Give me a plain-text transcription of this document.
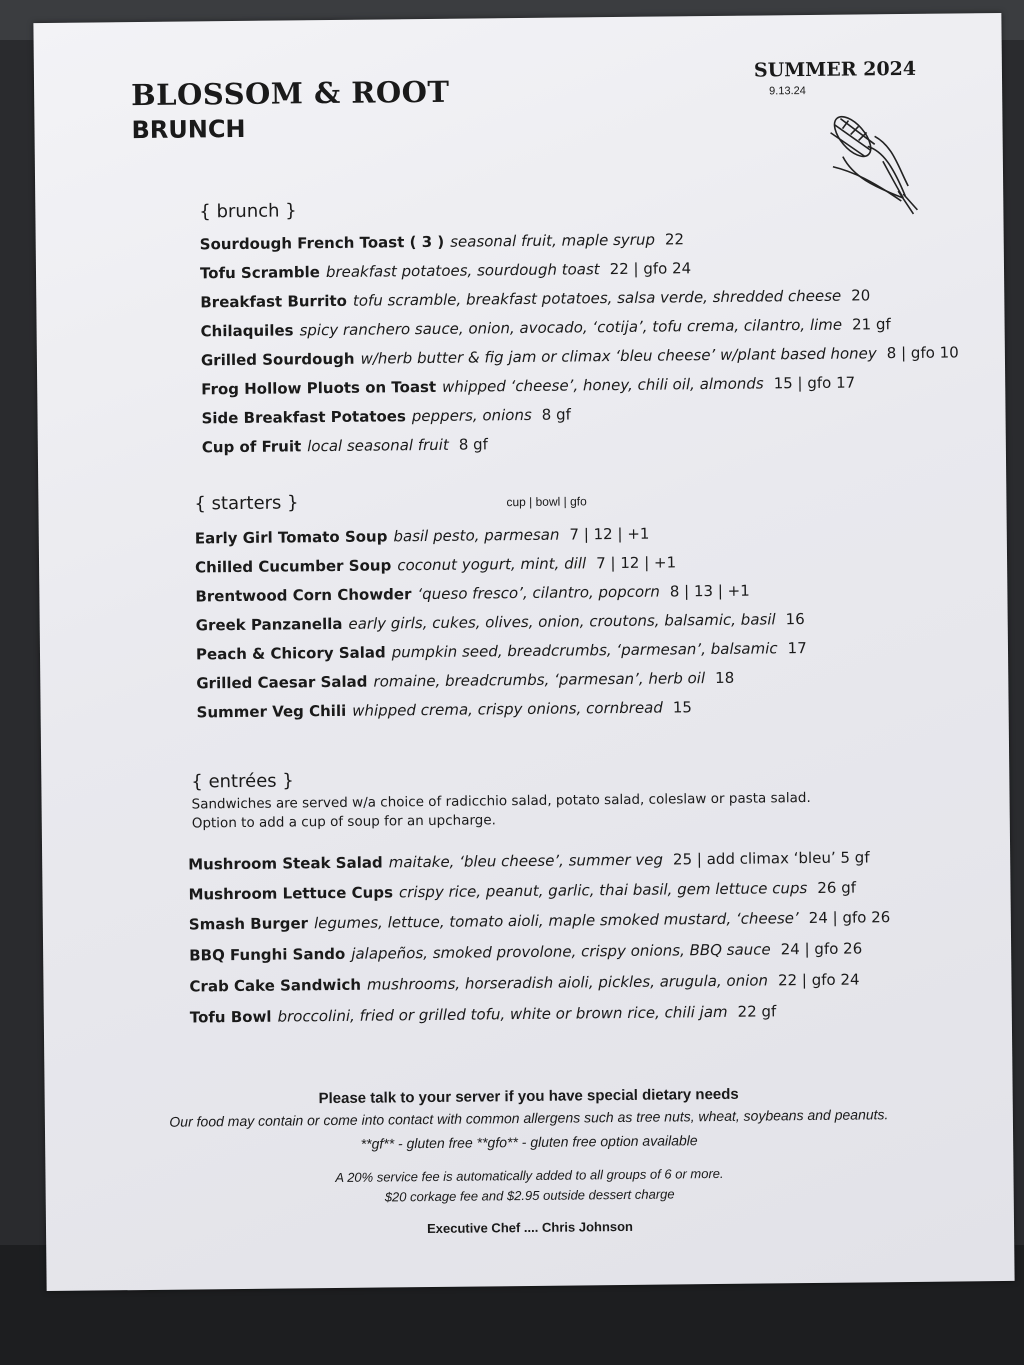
BLOSSOM & ROOT
BRUNCH
SUMMER 2024
9.13.24
{ brunch }
Sourdough French Toast ( 3 ) seasonal fruit, maple syrup 22
Tofu Scramble breakfast potatoes, sourdough toast 22 | gfo 24
Breakfast Burrito tofu scramble, breakfast potatoes, salsa verde, shredded cheese 20
Chilaquiles spicy ranchero sauce, onion, avocado, ‘cotija’, tofu crema, cilantro, lime 21 gf
Grilled Sourdough w/herb butter & fig jam or climax ‘bleu cheese’ w/plant based honey 8 | gfo 10
Frog Hollow Pluots on Toast whipped ‘cheese’, honey, chili oil, almonds 15 | gfo 17
Side Breakfast Potatoes peppers, onions 8 gf
Cup of Fruit local seasonal fruit 8 gf
{ starters }	cup | bowl | gfo
Early Girl Tomato Soup basil pesto, parmesan 7 | 12 | +1
Chilled Cucumber Soup coconut yogurt, mint, dill 7 | 12 | +1
Brentwood Corn Chowder ‘queso fresco’, cilantro, popcorn 8 | 13 | +1
Greek Panzanella early girls, cukes, olives, onion, croutons, balsamic, basil 16
Peach & Chicory Salad pumpkin seed, breadcrumbs, ‘parmesan’, balsamic 17
Grilled Caesar Salad romaine, breadcrumbs, ‘parmesan’, herb oil 18
Summer Veg Chili whipped crema, crispy onions, cornbread 15
{ entrées }
Sandwiches are served w/a choice of radicchio salad, potato salad, coleslaw or pasta salad.
Option to add a cup of soup for an upcharge.
Mushroom Steak Salad maitake, ‘bleu cheese’, summer veg 25 | add climax ‘bleu’ 5 gf
Mushroom Lettuce Cups crispy rice, peanut, garlic, thai basil, gem lettuce cups 26 gf
Smash Burger legumes, lettuce, tomato aioli, maple smoked mustard, ‘cheese’ 24 | gfo 26
BBQ Funghi Sando jalapeños, smoked provolone, crispy onions, BBQ sauce 24 | gfo 26
Crab Cake Sandwich mushrooms, horseradish aioli, pickles, arugula, onion 22 | gfo 24
Tofu Bowl broccolini, fried or grilled tofu, white or brown rice, chili jam 22 gf
Please talk to your server if you have special dietary needs
Our food may contain or come into contact with common allergens such as tree nuts, wheat, soybeans and peanuts.
**gf** - gluten free **gfo** - gluten free option available
A 20% service fee is automatically added to all groups of 6 or more.
$20 corkage fee and $2.95 outside dessert charge
Executive Chef .... Chris Johnson
